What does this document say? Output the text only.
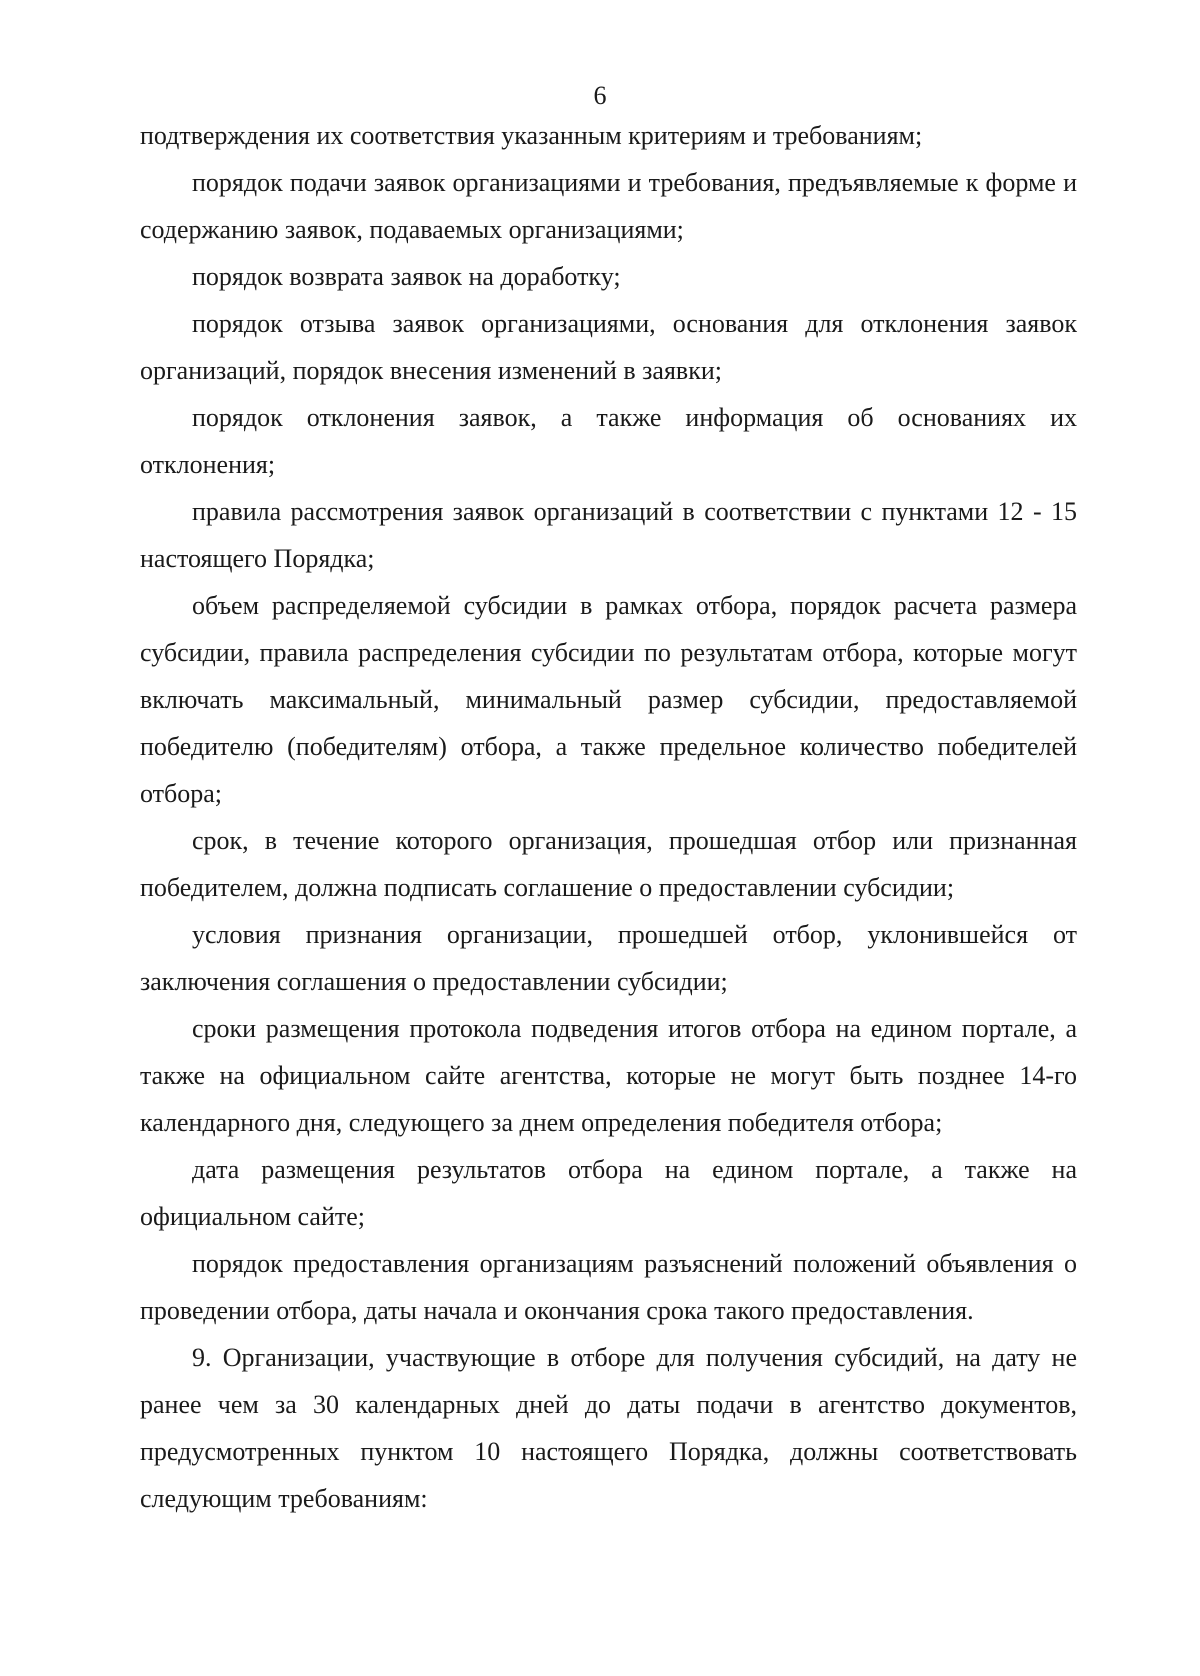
6

подтверждения их соответствия указанным критериям и требованиям;

порядок подачи заявок организациями и требования, предъявляемые к форме и содержанию заявок, подаваемых организациями;

порядок возврата заявок на доработку;

порядок отзыва заявок организациями, основания для отклонения заявок организаций, порядок внесения изменений в заявки;

порядок отклонения заявок, а также информация об основаниях их отклонения;

правила рассмотрения заявок организаций в соответствии с пунктами 12 - 15 настоящего Порядка;

объем распределяемой субсидии в рамках отбора, порядок расчета размера субсидии, правила распределения субсидии по результатам отбора, которые могут включать максимальный, минимальный размер субсидии, предоставляемой победителю (победителям) отбора, а также предельное количество победителей отбора;

срок, в течение которого организация, прошедшая отбор или признанная победителем, должна подписать соглашение о предоставлении субсидии;

условия признания организации, прошедшей отбор, уклонившейся от заключения соглашения о предоставлении субсидии;

сроки размещения протокола подведения итогов отбора на едином портале, а также на официальном сайте агентства, которые не могут быть позднее 14-го календарного дня, следующего за днем определения победителя отбора;

дата размещения результатов отбора на едином портале, а также на официальном сайте;

порядок предоставления организациям разъяснений положений объявления о проведении отбора, даты начала и окончания срока такого предоставления.

9. Организации, участвующие в отборе для получения субсидий, на дату не ранее чем за 30 календарных дней до даты подачи в агентство документов, предусмотренных пунктом 10 настоящего Порядка, должны соответствовать следующим требованиям:
